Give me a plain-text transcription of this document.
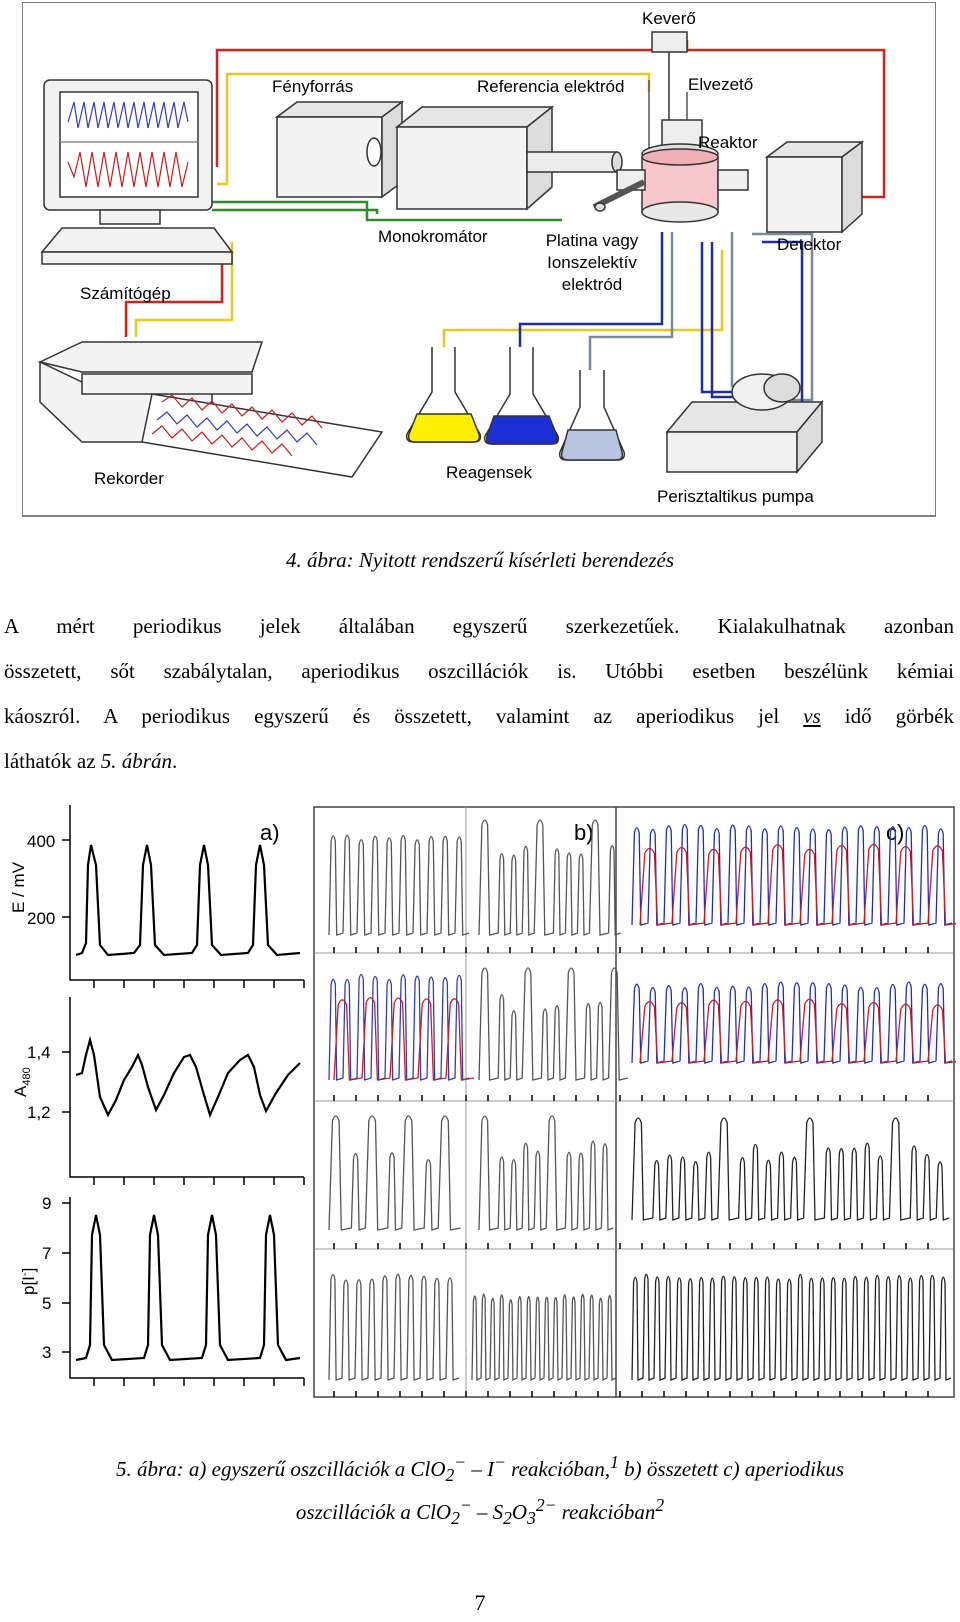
Számítógép
Rekorder
Fényforrás
Monokromátor
Keverő
Referencia elektród	Elvezető
Reaktor
Platina vagy
Ionszelektív
elektród
Detektor
Reagensek
Perisztaltikus pumpa
4. ábra: Nyitott rendszerű kísérleti berendezés
A mért periodikus jelek általában egyszerű szerkezetűek. Kialakulhatnak azonban
összetett, sőt szabálytalan, aperiodikus oszcillációk is. Utóbbi esetben beszélünk kémiai
káoszról. A periodikus egyszerű és összetett, valamint az aperiodikus jel vs idő görbék
láthatók az 5. ábrán.
a)	b)	c)
400
200
E / mV
1,4
1,2
$A_{480}$
9
7
5
3
p[I-]
5. ábra: a) egyszerű oszcillációk a ClO$_2$− – I− reakcióban,$^1$ b) összetett c) aperiodikus
oszcillációk a $ClO_2^- - S_2O_3^{2-}$ reakcióban$^2$
7
